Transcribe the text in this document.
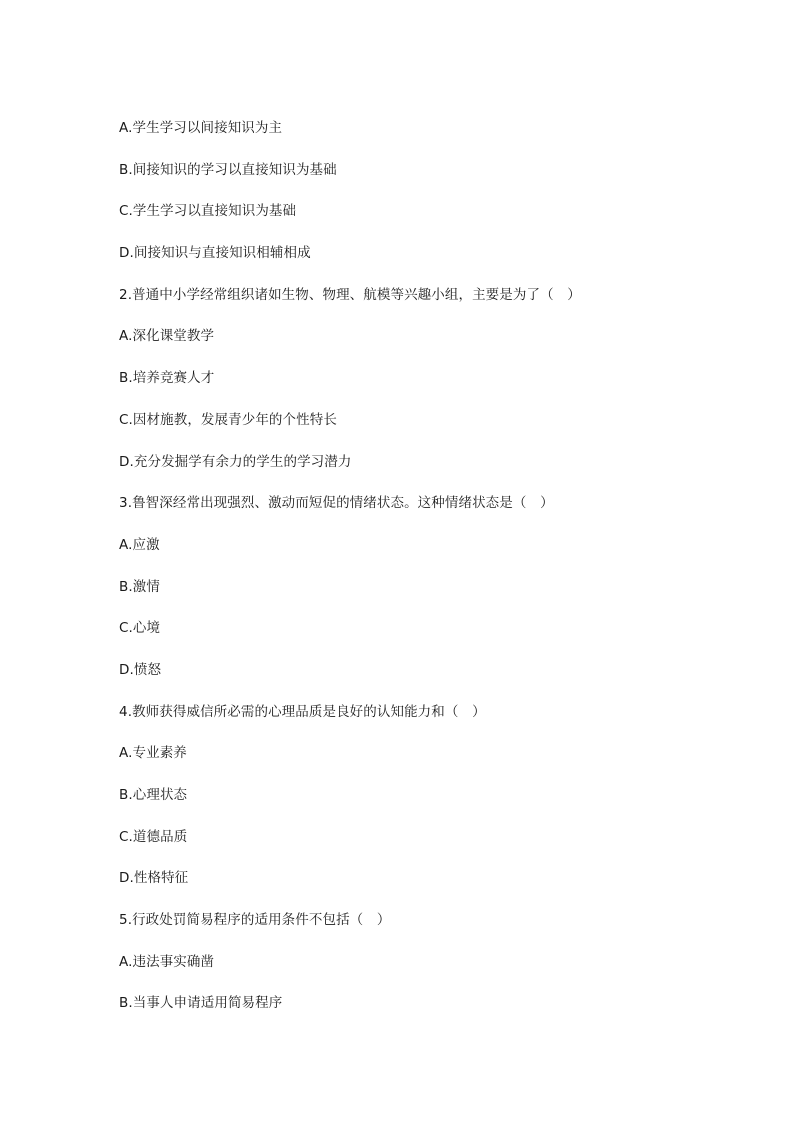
A.学生学习以间接知识为主
B.间接知识的学习以直接知识为基础
C.学生学习以直接知识为基础
D.间接知识与直接知识相辅相成
2.普通中小学经常组织诸如生物、物理、航模等兴趣小组，主要是为了（　）
A.深化课堂教学
B.培养竞赛人才
C.因材施教，发展青少年的个性特长
D.充分发掘学有余力的学生的学习潜力
3.鲁智深经常出现强烈、激动而短促的情绪状态。这种情绪状态是（　）
A.应激
B.激情
C.心境
D.愤怒
4.教师获得威信所必需的心理品质是良好的认知能力和（　）
A.专业素养
B.心理状态
C.道德品质
D.性格特征
5.行政处罚简易程序的适用条件不包括（　）
A.违法事实确凿
B.当事人申请适用简易程序
